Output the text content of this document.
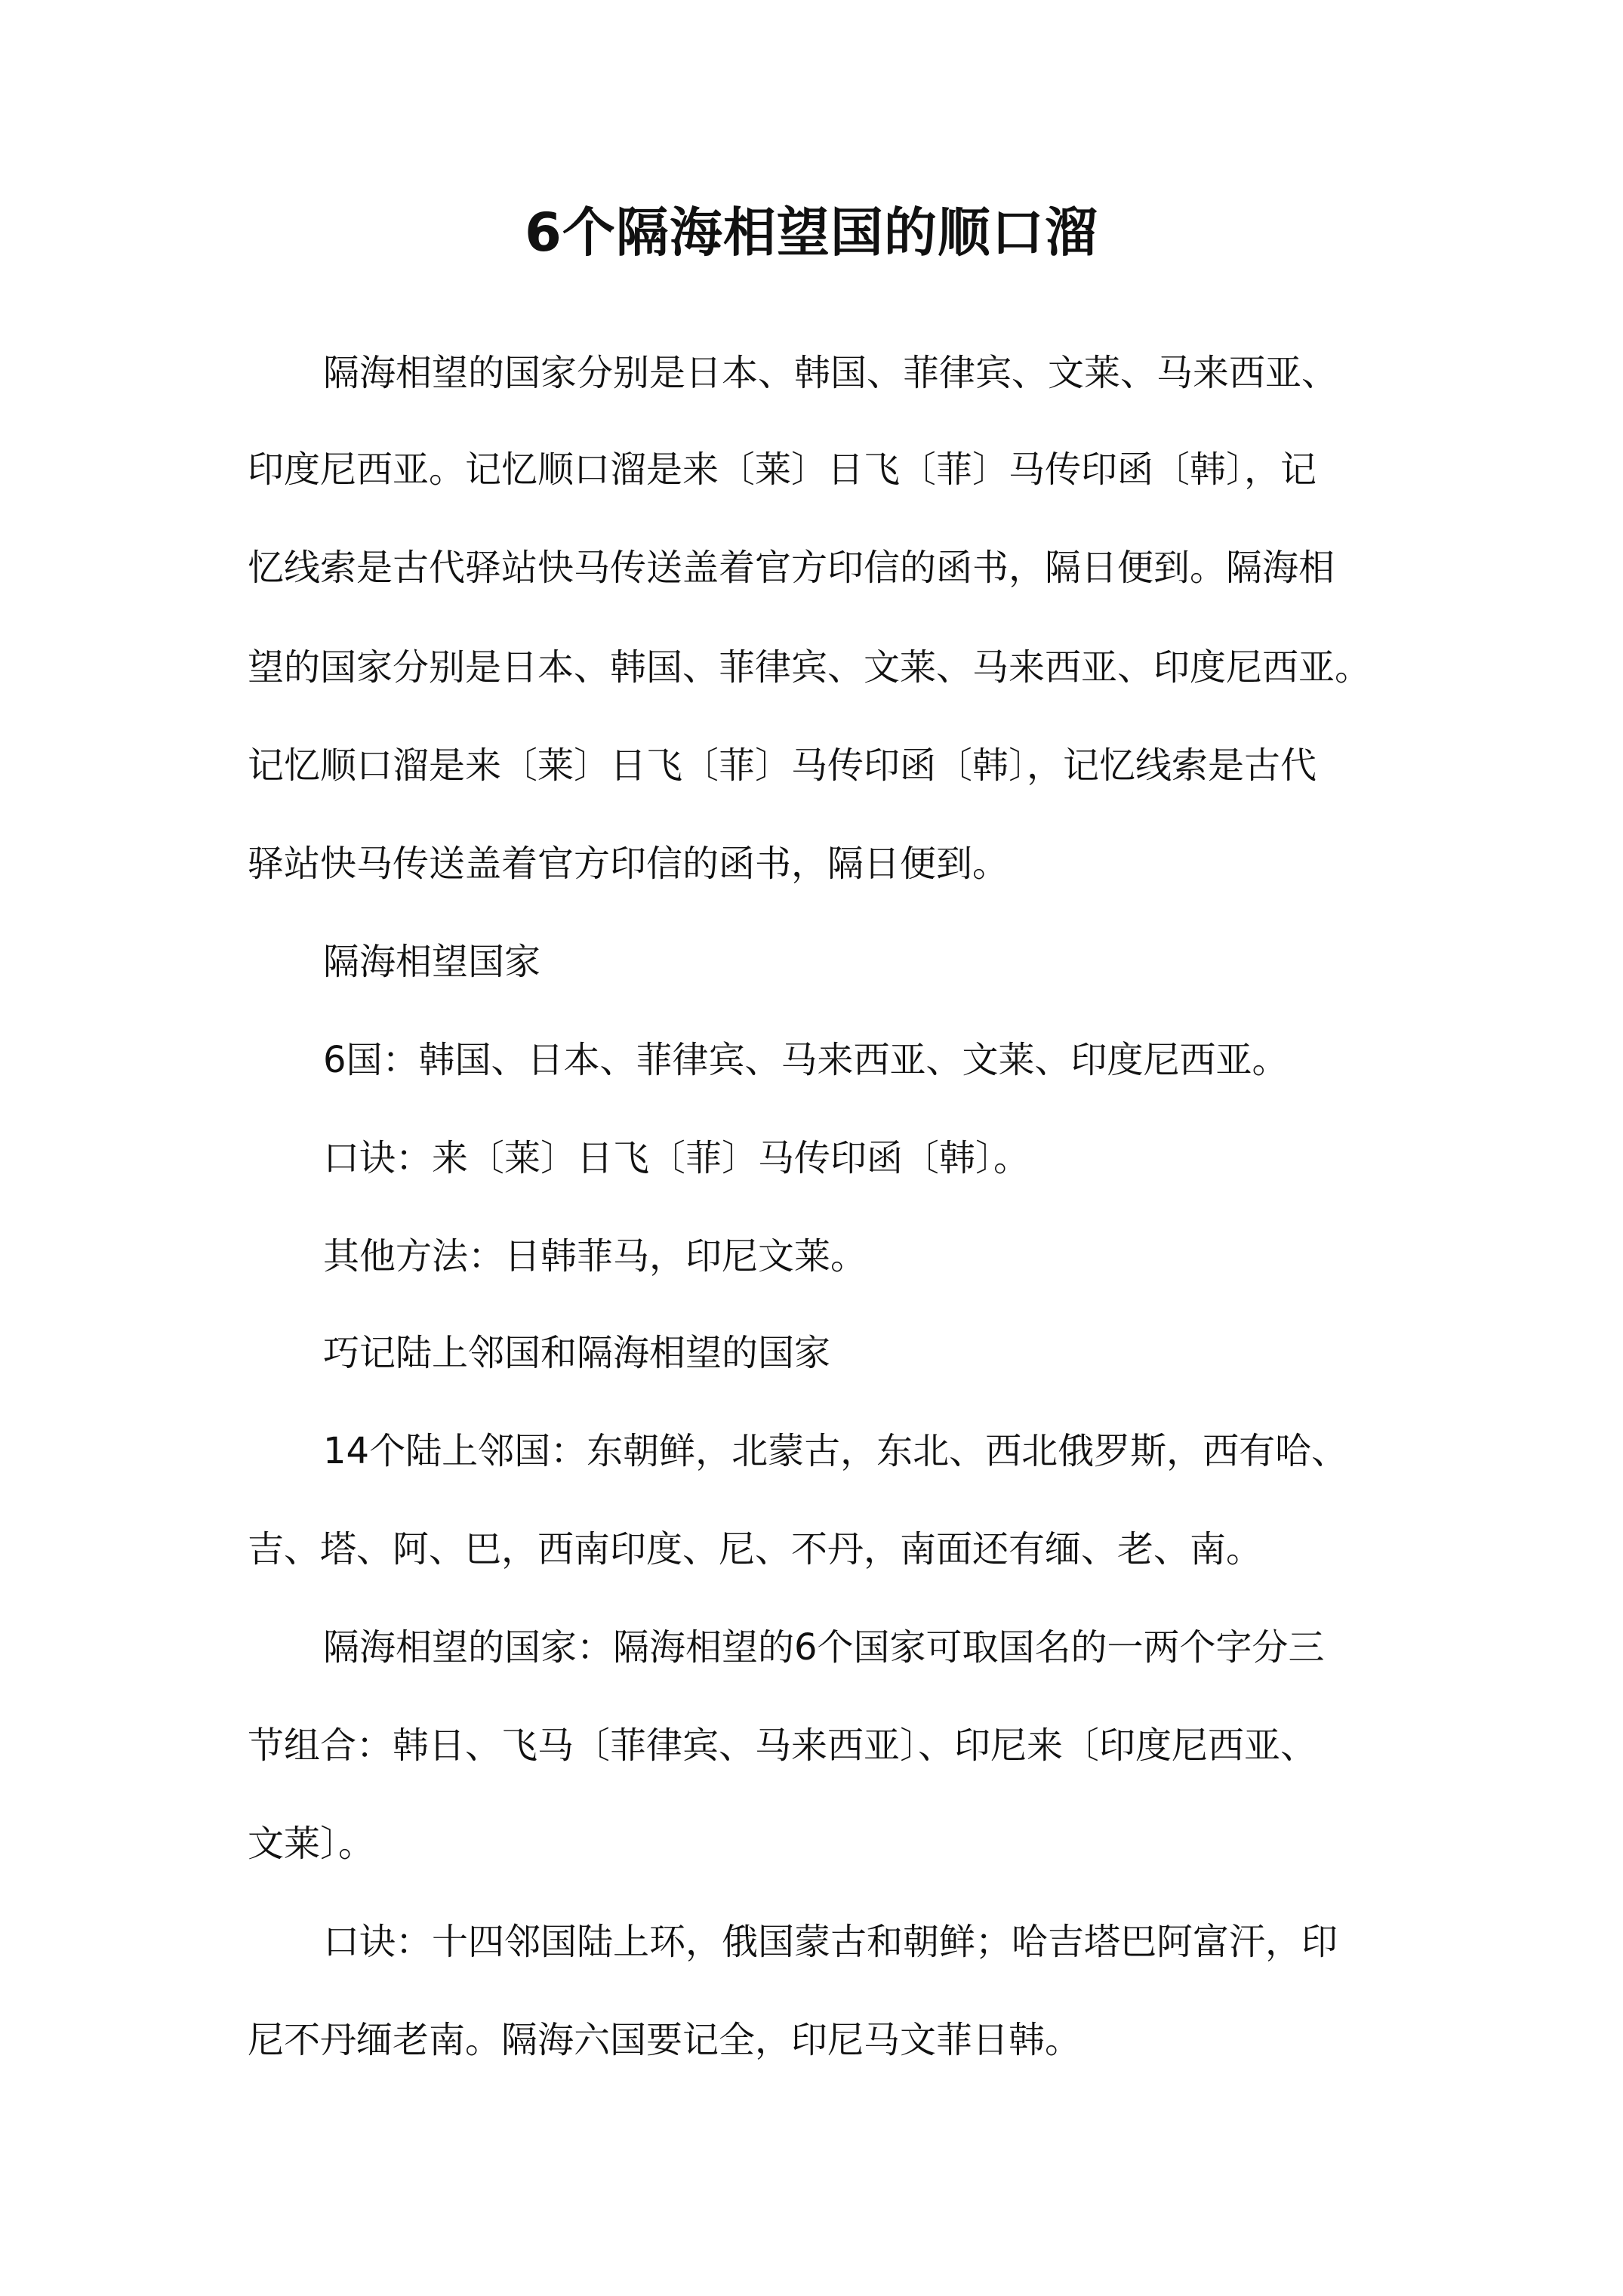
6个隔海相望国的顺口溜
隔海相望的国家分别是日本、韩国、菲律宾、文莱、马来西亚、
印度尼西亚。记忆顺口溜是来〔莱〕日飞〔菲〕马传印函〔韩〕，记
忆线索是古代驿站快马传送盖着官方印信的函书，隔日便到。隔海相
望的国家分别是日本、韩国、菲律宾、文莱、马来西亚、印度尼西亚。
记忆顺口溜是来〔莱〕日飞〔菲〕马传印函〔韩〕，记忆线索是古代
驿站快马传送盖着官方印信的函书，隔日便到。
隔海相望国家
6国：韩国、日本、菲律宾、马来西亚、文莱、印度尼西亚。
口诀：来〔莱〕日飞〔菲〕马传印函〔韩〕。
其他方法：日韩菲马，印尼文莱。
巧记陆上邻国和隔海相望的国家
14个陆上邻国：东朝鲜，北蒙古，东北、西北俄罗斯，西有哈、
吉、塔、阿、巴，西南印度、尼、不丹，南面还有缅、老、南。
隔海相望的国家：隔海相望的6个国家可取国名的一两个字分三
节组合：韩日、飞马〔菲律宾、马来西亚〕、印尼来〔印度尼西亚、
文莱〕。
口诀：十四邻国陆上环，俄国蒙古和朝鲜；哈吉塔巴阿富汗，印
尼不丹缅老南。隔海六国要记全，印尼马文菲日韩。
